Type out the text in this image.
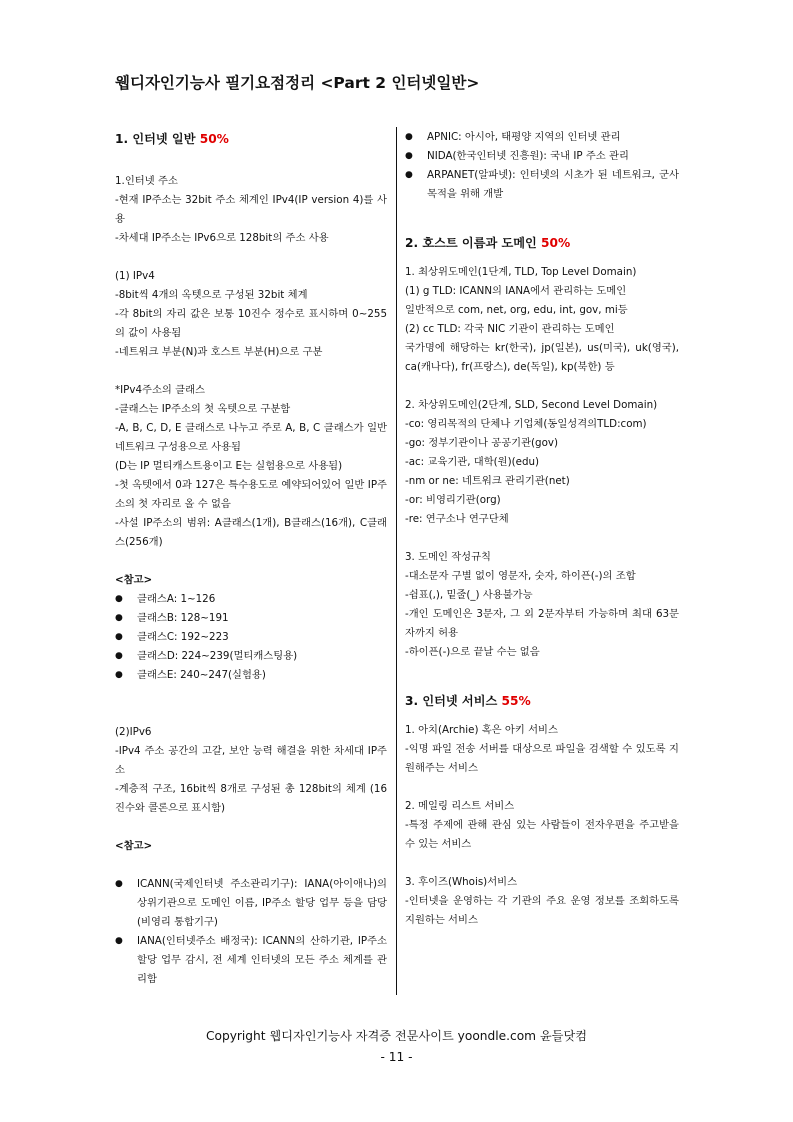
웹디자인기능사 필기요점정리 <Part 2 인터넷일반>
1. 인터넷 일반 50%
1.인터넷 주소
-현재 IP주소는 32bit 주소 체계인 IPv4(IP version 4)를 사용
-차세대 IP주소는 IPv6으로 128bit의 주소 사용
(1) IPv4
-8bit씩 4개의 옥텟으로 구성된 32bit 체계
-각 8bit의 자리 값은 보통 10진수 정수로 표시하며 0~255의 값이 사용됨
-네트워크 부분(N)과 호스트 부분(H)으로 구분
*IPv4주소의 클래스
-클래스는 IP주소의 첫 옥텟으로 구분함
-A, B, C, D, E 클래스로 나누고 주로 A, B, C 클래스가 일반 네트워크 구성용으로 사용됨
(D는 IP 멀티캐스트용이고 E는 실험용으로 사용됨)
-첫 옥텟에서 0과 127은 특수용도로 예약되어있어 일반 IP주소의 첫 자리로 올 수 없음
-사설 IP주소의 범위: A클래스(1개), B클래스(16개), C클래스(256개)
<참고>
● 클래스A: 1~126
● 클래스B: 128~191
● 클래스C: 192~223
● 클래스D: 224~239(멀티캐스팅용)
● 클래스E: 240~247(실험용)
(2)IPv6
-IPv4 주소 공간의 고갈, 보안 능력 해결을 위한 차세대 IP주소
-계층적 구조, 16bit씩 8개로 구성된 총 128bit의 체계 (16진수와 콜론으로 표시함)
<참고>
● ICANN(국제인터넷 주소관리기구): IANA(아이애나)의 상위기관으로 도메인 이름, IP주소 할당 업무 등을 담당(비영리 통합기구)
● IANA(인터넷주소 배정국): ICANN의 산하기관, IP주소 할당 업무 감시, 전 세계 인터넷의 모든 주소 체계를 관리함
● APNIC: 아시아, 태평양 지역의 인터넷 관리
● NIDA(한국인터넷 진흥원): 국내 IP 주소 관리
● ARPANET(알파넷): 인터넷의 시초가 된 네트워크, 군사목적을 위해 개발
2. 호스트 이름과 도메인 50%
1. 최상위도메인(1단계, TLD, Top Level Domain)
(1) g TLD: ICANN의 IANA에서 관리하는 도메인
일반적으로 com, net, org, edu, int, gov, mi등
(2) cc TLD: 각국 NIC 기관이 관리하는 도메인
국가명에 해당하는 kr(한국), jp(일본), us(미국), uk(영국), ca(캐나다), fr(프랑스), de(독일), kp(북한) 등
2. 차상위도메인(2단계, SLD, Second Level Domain)
-co: 영리목적의 단체나 기업체(동일성격의TLD:com)
-go: 정부기관이나 공공기관(gov)
-ac: 교육기관, 대학(원)(edu)
-nm or ne: 네트워크 관리기관(net)
-or: 비영리기관(org)
-re: 연구소나 연구단체
3. 도메인 작성규칙
-대소문자 구별 없이 영문자, 숫자, 하이픈(-)의 조합
-쉼표(,), 밑줄(_) 사용불가능
-개인 도메인은 3문자, 그 외 2문자부터 가능하며 최대 63문자까지 허용
-하이픈(-)으로 끝날 수는 없음
3. 인터넷 서비스 55%
1. 아치(Archie) 혹은 아키 서비스
-익명 파일 전송 서버를 대상으로 파일을 검색할 수 있도록 지원해주는 서비스
2. 메일링 리스트 서비스
-특정 주제에 관해 관심 있는 사람들이 전자우편을 주고받을 수 있는 서비스
3. 후이즈(Whois)서비스
-인터넷을 운영하는 각 기관의 주요 운영 정보를 조회하도록 지원하는 서비스
Copyright 웹디자인기능사 자격증 전문사이트 yoondle.com 윤들닷컴
- 11 -
